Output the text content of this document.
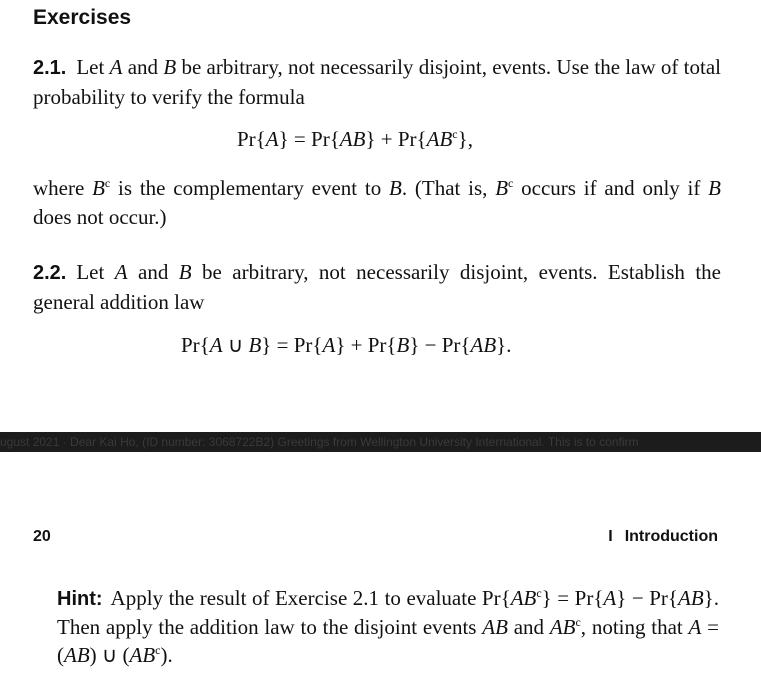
Exercises
2.1. Let A and B be arbitrary, not necessarily disjoint, events. Use the law of total probability to verify the formula
$Pr\{A\} = Pr\{AB\} + Pr\{AB^c\}$,
where $B^c$ is the complementary event to B. (That is, $B^c$ occurs if and only if B does not occur.)
2.2. Let A and B be arbitrary, not necessarily disjoint, events. Establish the general addition law
Pr{A ∪ B} = Pr{A} + Pr{B} − Pr{AB}.
ugust 2021 · Dear Kai Ho, (ID number: 3068722B2) Greetings from Wellington University International. This is to confirm
20	I Introduction
Hint: Apply the result of Exercise 2.1 to evaluate $Pr\{AB^c\} = Pr\{A\} - Pr\{AB\}$. Then apply the addition law to the disjoint events AB and $AB^c$, noting that A = (AB) ∪ $(AB^c)$.
